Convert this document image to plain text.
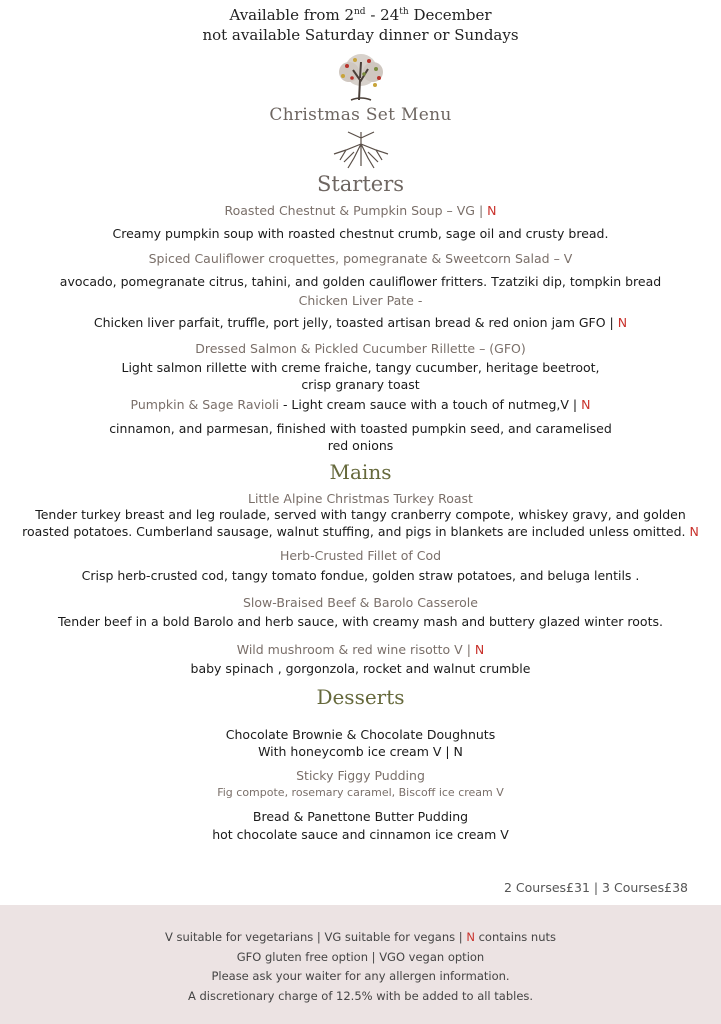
Available from 2nd - 24th December
not available Saturday dinner or Sundays
Christmas Set Menu
Starters
Roasted Chestnut & Pumpkin Soup – VG | N
Creamy pumpkin soup with roasted chestnut crumb, sage oil and crusty bread.
Spiced Cauliflower croquettes, pomegranate & Sweetcorn Salad – V
avocado, pomegranate citrus, tahini, and golden cauliflower fritters. Tzatziki dip, tompkin bread
Chicken Liver Pate -
Chicken liver parfait, truffle, port jelly, toasted artisan bread & red onion jam GFO | N
Dressed Salmon & Pickled Cucumber Rillette – (GFO)
Light salmon rillette with creme fraiche, tangy cucumber, heritage beetroot,
crisp granary toast
Pumpkin & Sage Ravioli - Light cream sauce with a touch of nutmeg,V | N
cinnamon, and parmesan, finished with toasted pumpkin seed, and caramelised
red onions
Mains
Little Alpine Christmas Turkey Roast
Tender turkey breast and leg roulade, served with tangy cranberry compote, whiskey gravy, and golden
roasted potatoes. Cumberland sausage, walnut stuffing, and pigs in blankets are included unless omitted. N
Herb-Crusted Fillet of Cod
Crisp herb-crusted cod, tangy tomato fondue, golden straw potatoes, and beluga lentils .
Slow-Braised Beef & Barolo Casserole
Tender beef in a bold Barolo and herb sauce, with creamy mash and buttery glazed winter roots.
Wild mushroom & red wine risotto V | N
baby spinach , gorgonzola, rocket and walnut crumble
Desserts
Chocolate Brownie & Chocolate Doughnuts
With honeycomb ice cream V | N
Sticky Figgy Pudding
Fig compote, rosemary caramel, Biscoff ice cream V
Bread & Panettone Butter Pudding
hot chocolate sauce and cinnamon ice cream V
2 Courses£31 | 3 Courses£38
V suitable for vegetarians | VG suitable for vegans | N contains nuts
GFO gluten free option | VGO vegan option
Please ask your waiter for any allergen information.
A discretionary charge of 12.5% with be added to all tables.
